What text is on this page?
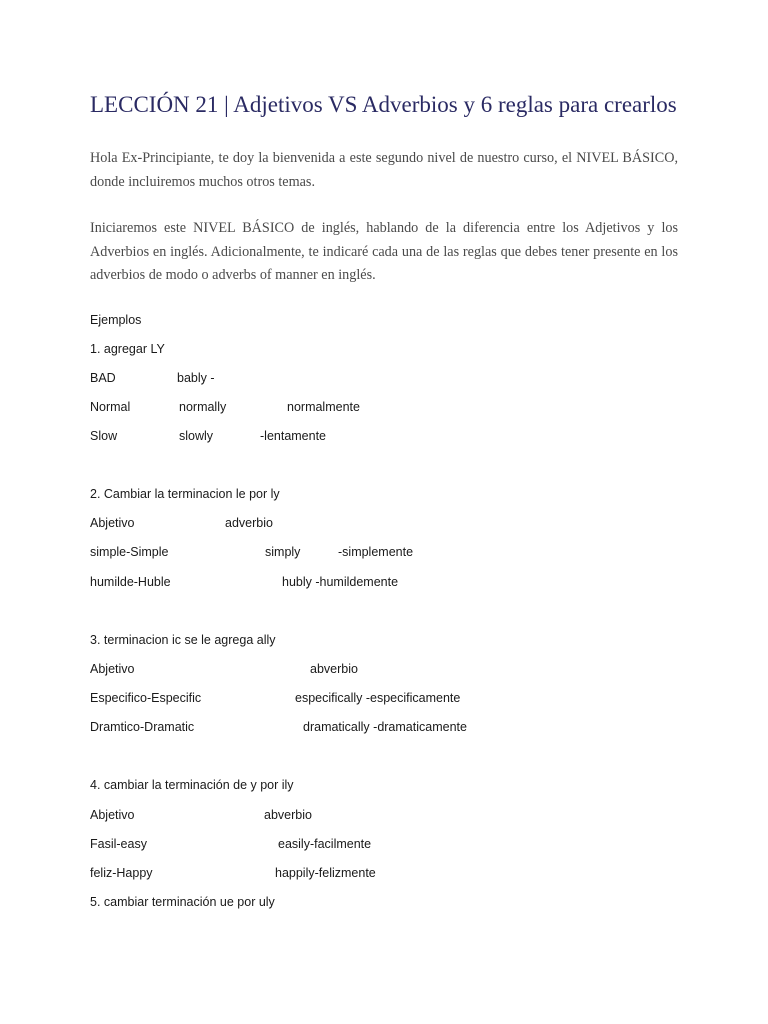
LECCIÓN 21 | Adjetivos VS Adverbios y 6 reglas para crearlos
Hola Ex-Principiante, te doy la bienvenida a este segundo nivel de nuestro curso, el NIVEL BÁSICO, donde incluiremos muchos otros temas.
Iniciaremos este NIVEL BÁSICO de inglés, hablando de la diferencia entre los Adjetivos y los Adverbios en inglés. Adicionalmente, te indicaré cada una de las reglas que debes tener presente en los adverbios de modo o adverbs of manner en inglés.
Ejemplos
1. agregar LY
BAD	bably -
Normal	normally	normalmente
Slow	slowly	-lentamente
2. Cambiar la terminacion le por ly
Abjetivo	adverbio
simple-Simple	simply	-simplemente
humilde-Huble	hubly -humildemente
3. terminacion ic se le agrega ally
Abjetivo	abverbio
Especifico-Especific	especifically -especificamente
Dramtico-Dramatic	dramatically -dramaticamente
4. cambiar la terminación de y por ily
Abjetivo	abverbio
Fasil-easy	easily-facilmente
feliz-Happy	happily-felizmente
5. cambiar terminación ue por uly
